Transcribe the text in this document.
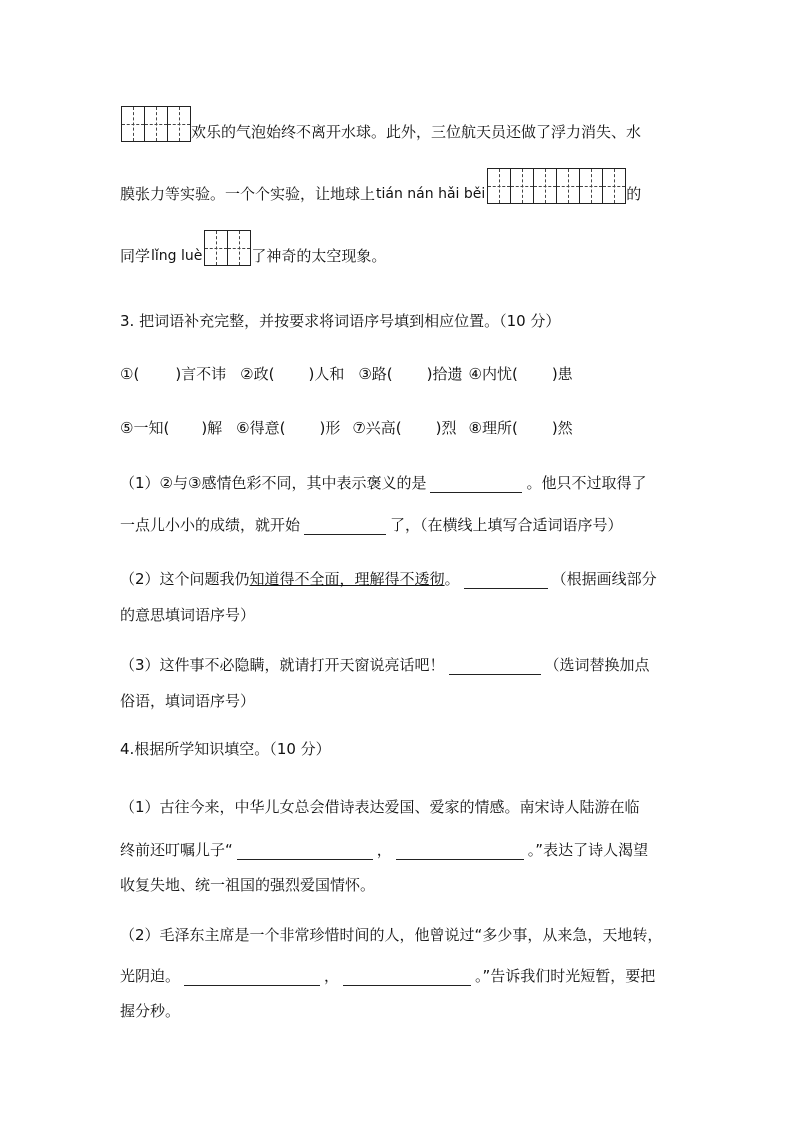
欢乐的气泡始终不离开水球。此外，三位航天员还做了浮力消失、水
膜张力等实验。一个个实验，让地球上tián nán hǎi běi	的
同学lǐng luè	了神奇的太空现象。
3. 把词语补充完整，并按要求将词语序号填到相应位置。（10 分）
①( )言不讳 ②政( )人和 ③路( )拾遗 ④内忧( )患
⑤一知( )解 ⑥得意( )形 ⑦兴高( )烈 ⑧理所( )然
（1）②与③感情色彩不同，其中表示褒义的是	。他只不过取得了
一点儿小小的成绩，就开始	了，（在横线上填写合适词语序号）
（2）这个问题我仍知道得不全面，理解得不透彻。	（根据画线部分
的意思填词语序号）
（3）这件事不必隐瞒，就请打开天窗说亮话吧！	（选词替换加点
俗语，填词语序号）
4.根据所学知识填空。（10 分）
（1）古往今来，中华儿女总会借诗表达爱国、爱家的情感。南宋诗人陆游在临
终前还叮嘱儿子“	，	。”表达了诗人渴望
收复失地、统一祖国的强烈爱国情怀。
（2）毛泽东主席是一个非常珍惜时间的人，他曾说过“多少事，从来急，天地转，
光阴迫。	，	。”告诉我们时光短暂，要把
握分秒。
